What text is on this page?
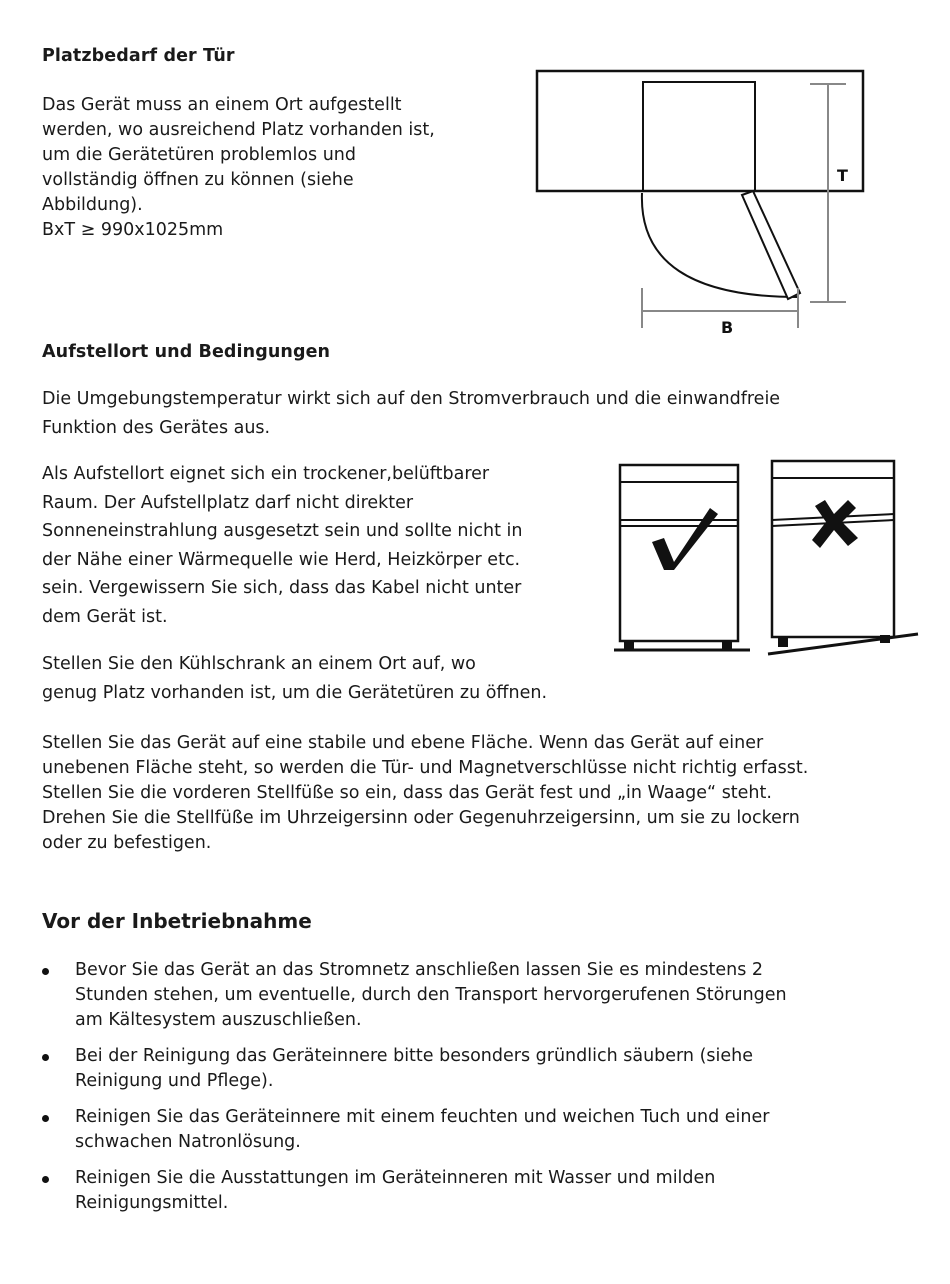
Platzbedarf der Tür
Das Gerät muss an einem Ort aufgestellt
werden, wo ausreichend Platz vorhanden ist,
um die Gerätetüren problemlos und
vollständig öffnen zu können (siehe
Abbildung).
BxT ≥ 990x1025mm
T
B
Aufstellort und Bedingungen
Die Umgebungstemperatur wirkt sich auf den Stromverbrauch und die einwandfreie
Funktion des Gerätes aus.
Als Aufstellort eignet sich ein trockener,belüftbarer
Raum. Der Aufstellplatz darf nicht direkter
Sonneneinstrahlung ausgesetzt sein und sollte nicht in
der Nähe einer Wärmequelle wie Herd, Heizkörper etc.
sein. Vergewissern Sie sich, dass das Kabel nicht unter
dem Gerät ist.
Stellen Sie den Kühlschrank an einem Ort auf, wo
genug Platz vorhanden ist, um die Gerätetüren zu öffnen.
Stellen Sie das Gerät auf eine stabile und ebene Fläche. Wenn das Gerät auf einer
unebenen Fläche steht, so werden die Tür- und Magnetverschlüsse nicht richtig erfasst.
Stellen Sie die vorderen Stellfüße so ein, dass das Gerät fest und „in Waage“ steht.
Drehen Sie die Stellfüße im Uhrzeigersinn oder Gegenuhrzeigersinn, um sie zu lockern
oder zu befestigen.
Vor der Inbetriebnahme
Bevor Sie das Gerät an das Stromnetz anschließen lassen Sie es mindestens 2
Stunden stehen, um eventuelle, durch den Transport hervorgerufenen Störungen
am Kältesystem auszuschließen.
Bei der Reinigung das Geräteinnere bitte besonders gründlich säubern (siehe
Reinigung und Pflege).
Reinigen Sie das Geräteinnere mit einem feuchten und weichen Tuch und einer
schwachen Natronlösung.
Reinigen Sie die Ausstattungen im Geräteinneren mit Wasser und milden
Reinigungsmittel.
